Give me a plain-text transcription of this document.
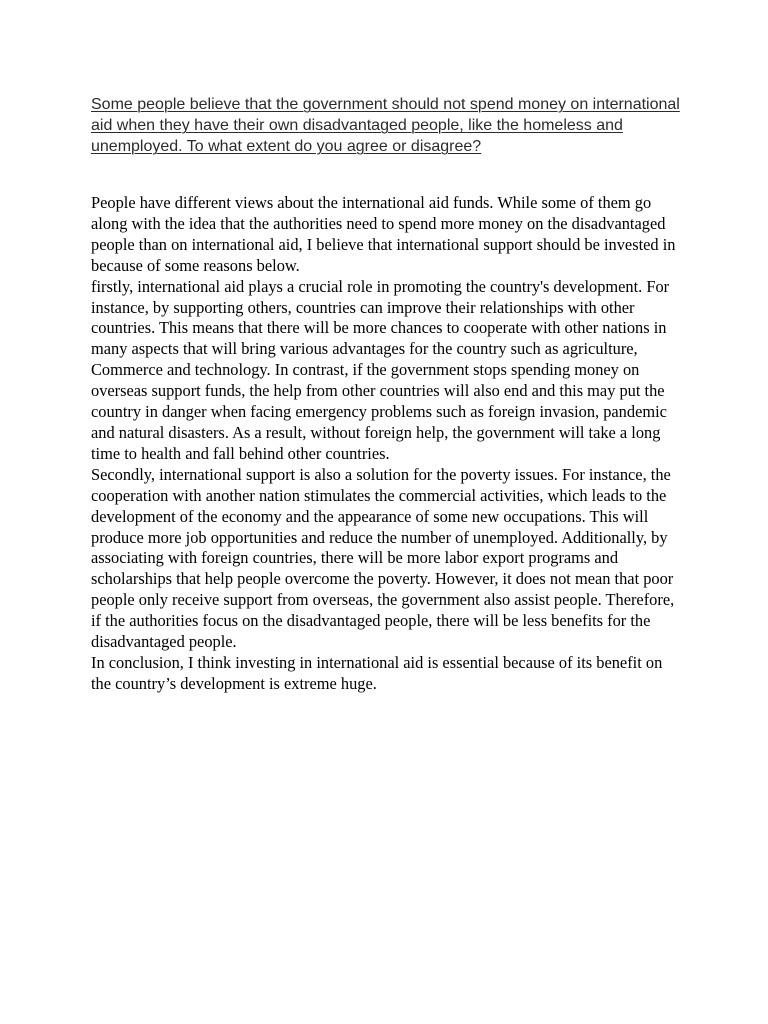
Some people believe that the government should not spend money on international aid when they have their own disadvantaged people, like the homeless and unemployed. To what extent do you agree or disagree?

People have different views about the international aid funds. While some of them go along with the idea that the authorities need to spend more money on the disadvantaged people than on international aid, I believe that international support should be invested in because of some reasons below.

firstly, international aid plays a crucial role in promoting the country's development. For instance, by supporting others, countries can improve their relationships with other countries. This means that there will be more chances to cooperate with other nations in many aspects that will bring various advantages for the country such as agriculture, Commerce and technology. In contrast, if the government stops spending money on overseas support funds, the help from other countries will also end and this may put the country in danger when facing emergency problems such as foreign invasion, pandemic and natural disasters. As a result, without foreign help, the government will take a long time to health and fall behind other countries.

Secondly, international support is also a solution for the poverty issues. For instance, the cooperation with another nation stimulates the commercial activities, which leads to the development of the economy and the appearance of some new occupations. This will produce more job opportunities and reduce the number of unemployed. Additionally, by associating with foreign countries, there will be more labor export programs and scholarships that help people overcome the poverty. However, it does not mean that poor people only receive support from overseas, the government also assist people. Therefore, if the authorities focus on the disadvantaged people, there will be less benefits for the disadvantaged people.

In conclusion, I think investing in international aid is essential because of its benefit on the country’s development is extreme huge.
